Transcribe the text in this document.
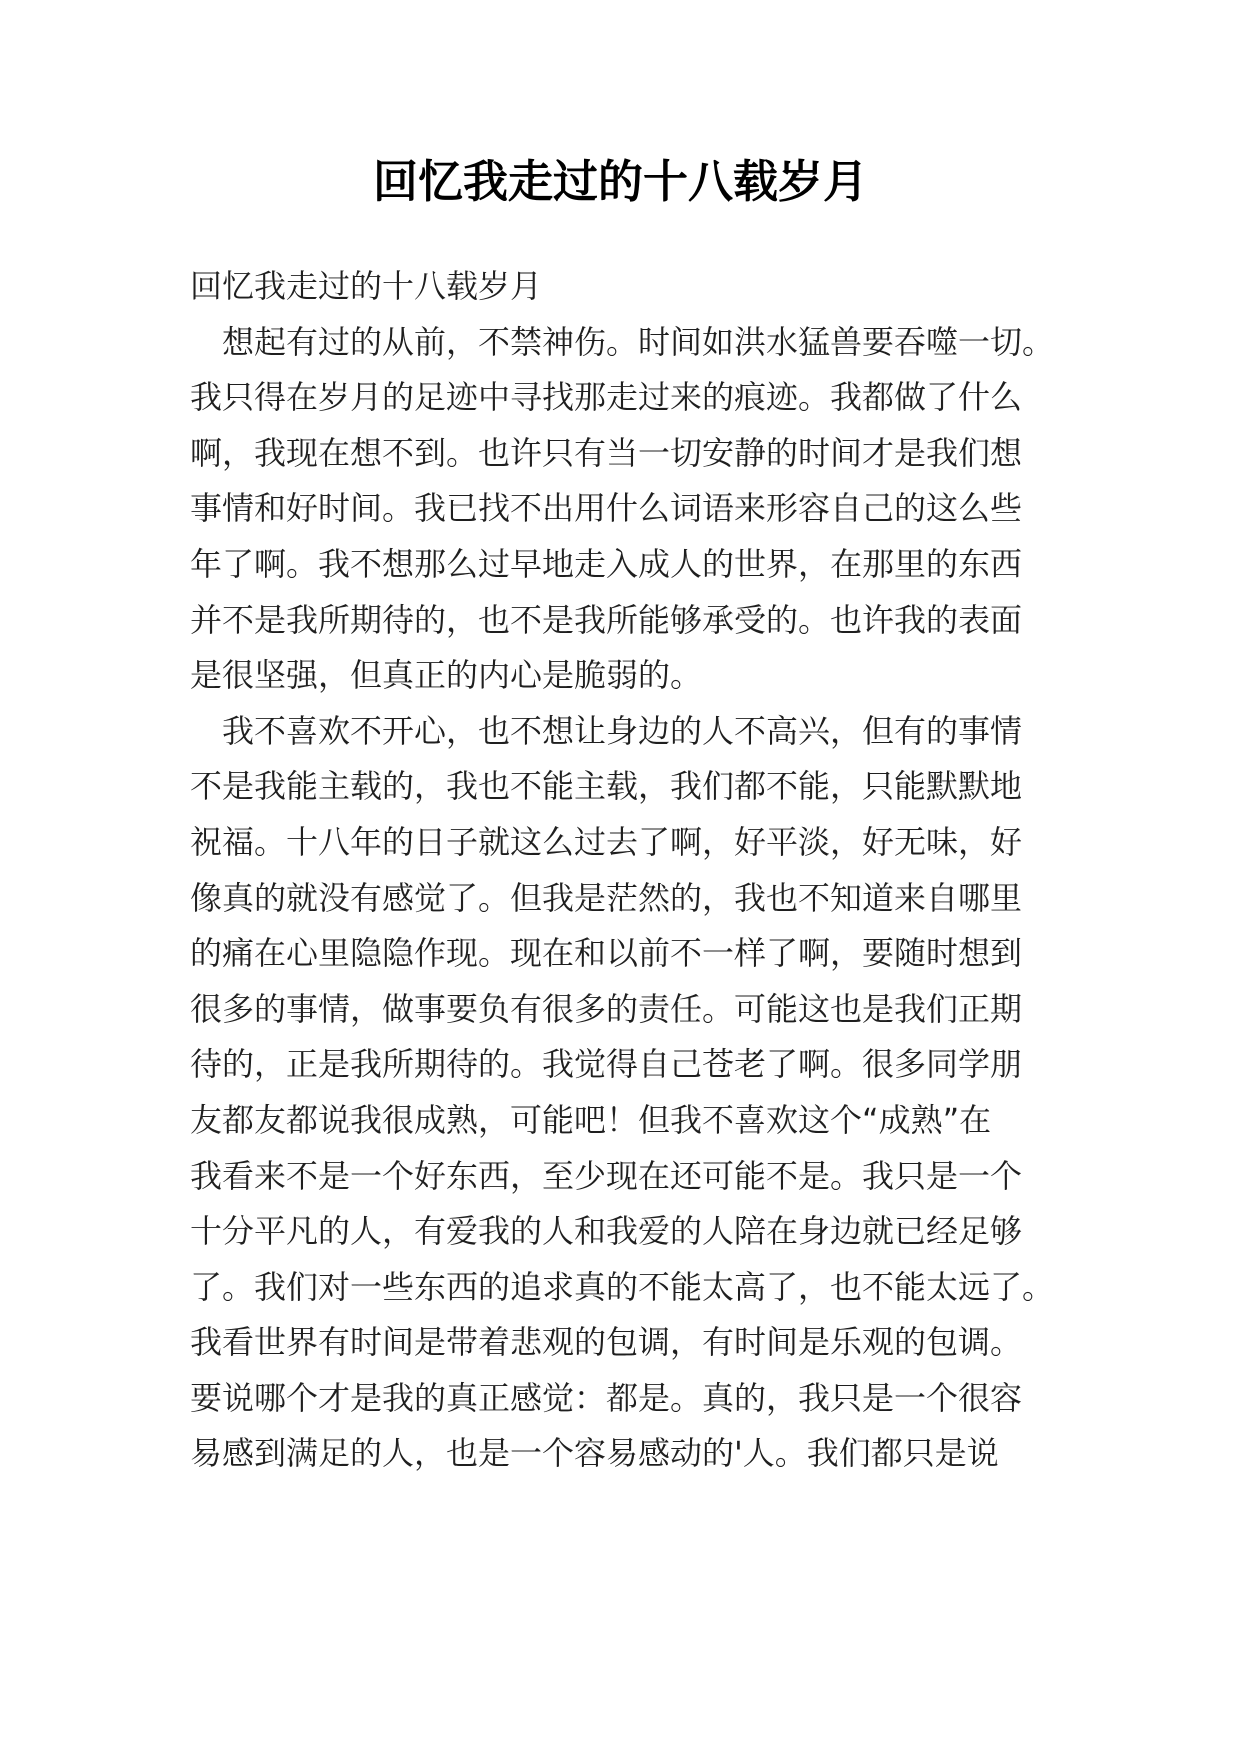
回忆我走过的十八载岁月
回忆我走过的十八载岁月
想起有过的从前，不禁神伤。时间如洪水猛兽要吞噬一切。
我只得在岁月的足迹中寻找那走过来的痕迹。我都做了什么
啊，我现在想不到。也许只有当一切安静的时间才是我们想
事情和好时间。我已找不出用什么词语来形容自己的这么些
年了啊。我不想那么过早地走入成人的世界，在那里的东西
并不是我所期待的，也不是我所能够承受的。也许我的表面
是很坚强，但真正的内心是脆弱的。
我不喜欢不开心，也不想让身边的人不高兴，但有的事情
不是我能主载的，我也不能主载，我们都不能，只能默默地
祝福。十八年的日子就这么过去了啊，好平淡，好无味，好
像真的就没有感觉了。但我是茫然的，我也不知道来自哪里
的痛在心里隐隐作现。现在和以前不一样了啊，要随时想到
很多的事情，做事要负有很多的责任。可能这也是我们正期
待的，正是我所期待的。我觉得自己苍老了啊。很多同学朋
友都友都说我很成熟，可能吧！但我不喜欢这个“成熟”在
我看来不是一个好东西，至少现在还可能不是。我只是一个
十分平凡的人，有爱我的人和我爱的人陪在身边就已经足够
了。我们对一些东西的追求真的不能太高了，也不能太远了。
我看世界有时间是带着悲观的包调，有时间是乐观的包调。
要说哪个才是我的真正感觉：都是。真的，我只是一个很容
易感到满足的人，也是一个容易感动的'人。我们都只是说
